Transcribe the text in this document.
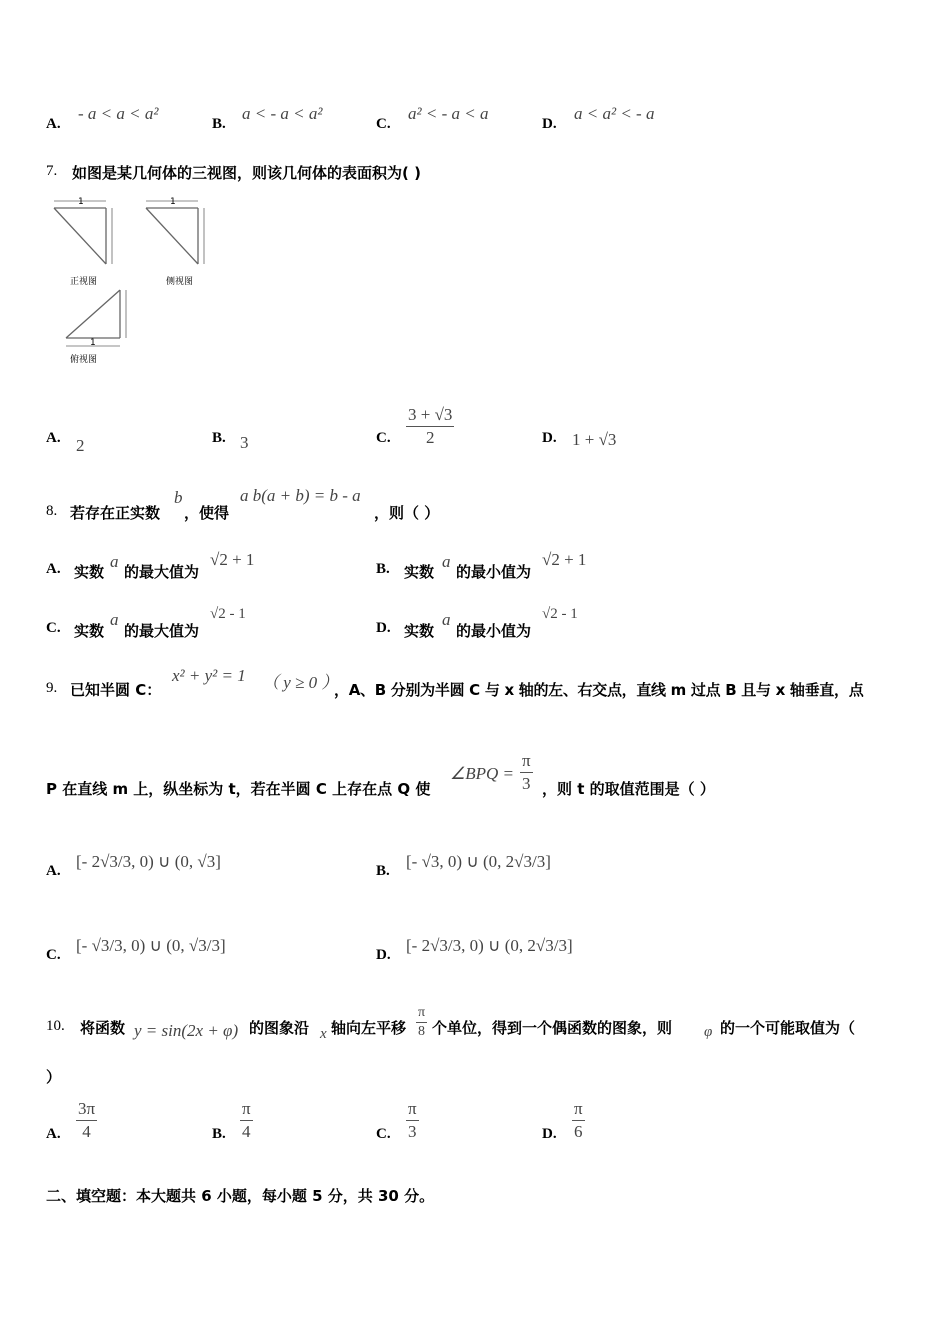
A.
- a < a < a²
B.
a < - a < a²
C.
a² < - a < a
D.
a < a² < - a
7. 如图是某几何体的三视图，则该几何体的表面积为( )
1
正视图
1
侧视图
1
俯视图
A. 2	B. 3	C. $\frac{3 + √3}{2}$	D. 1 + √3
8. 若存在正实数
b
，使得
a b(a + b) = b - a
，则（ ）
A. 实数
a
的最大值为
√2 + 1	B. 实数
a
的最小值为
√2 + 1
C. 实数
a
的最大值为
√2 - 1
D. 实数
a
的最小值为
√2 - 1
9. 已知半圆 C：
x² + y² = 1 （ y ≥ 0 ）
，A、B 分别为半圆 C 与 x 轴的左、右交点，直线 m 过点 B 且与 x 轴垂直，点
P 在直线 m 上，纵坐标为 t，若在半圆 C 上存在点 Q 使
∠BPQ = $\frac{\pi}{3}$ ，则 t 的取值范围是（ ）
A. [- 2√3/3, 0) ∪ (0, √3]	B. [- √3, 0) ∪ (0, 2√3/3]
C. [- √3/3, 0) ∪ (0, √3/3]	D. [- 2√3/3, 0) ∪ (0, 2√3/3]
10. 将函数 y = sin(2x + φ) 的图象沿 x 轴向左平移 $\frac{\pi}{8}$ 个单位，得到一个偶函数的图象，则 φ 的一个可能取值为（
）
A. $\frac{3\pi}{4}$	B. $\frac{\pi}{4}$	C. $\frac{\pi}{3}$	D. $\frac{\pi}{6}$
二、填空题：本大题共 6 小题，每小题 5 分，共 30 分。
